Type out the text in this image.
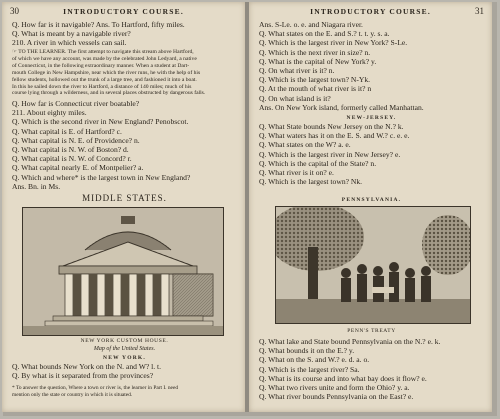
30	INTRODUCTORY COURSE.
Q. How far is it navigable? Ans. To Hartford, fifty miles.
Q. What is meant by a navigable river?
210. A river in which vessels can sail.
☞ TO THE LEARNER. The first attempt to navigate this stream above Hartford,
of which we have any account, was made by the celebrated John Ledyard, a native
of Connecticut, in the following extraordinary manner. When a student at Dart-
mouth College in New Hampshire, near which the river runs, he with the help of his
fellow students, hollowed out the trunk of a large tree, and fashioned it into a boat.
In this he sailed down the river to Hartford, a distance of 140 miles; much of his
course lying through a wilderness, and in several places obstructed by dangerous falls.
Q. How far is Connecticut river boatable?
211. About eighty miles.
Q. Which is the second river in New England? Penobscot.
Q. What capital is E. of Hartford? c.
Q. What capital is N. E. of Providence? n.
Q. What capital is N. W. of Boston? d.
Q. What capital is N. W. of Concord? r.
Q. What capital nearly E. of Montpelier? a.
Q. Which and where* is the largest town in New England?
Ans. Bn. in Ms.
MIDDLE STATES.
NEW YORK CUSTOM HOUSE.
Map of the United States.
NEW YORK.
Q. What bounds New York on the N. and W? l. t.
Q. By what is it separated from the provinces?
* To answer the question, Where a town or river is, the learner in Part I. need
mention only the state or country in which it is situated.
INTRODUCTORY COURSE.	31
Ans. S-Le. o. e. and Niagara river.
Q. What states on the E. and S.? t. t. y. s. a.
Q. Which is the largest river in New York? S-Le.
Q. Which is the next river in size? n.
Q. What is the capital of New York? y.
Q. On what river is it? n.
Q. Which is the largest town? N-Yk.
Q. At the mouth of what river is it? n
Q. On what island is it?
Ans. On New York island, formerly called Manhattan.
NEW-JERSEY.
Q. What State bounds New Jersey on the N.? k.
Q. What waters has it on the E. S. and W.? c. e. e.
Q. What states on the W? a. e.
Q. Which is the largest river in New Jersey? e.
Q. Which is the capital of the State? n.
Q. What river is it on? e.
Q. Which is the largest town? Nk.
PENNSYLVANIA.
PENN'S TREATY
Q. What lake and State bound Pennsylvania on the N.? e. k.
Q. What bounds it on the E.? y.
Q. What on the S. and W.? e. d. a. o.
Q. Which is the largest river? Sa.
Q. What is its course and into what bay does it flow? e.
Q. What two rivers unite and form the Ohio? y. a.
Q. What river bounds Pennsylvania on the East? e.
